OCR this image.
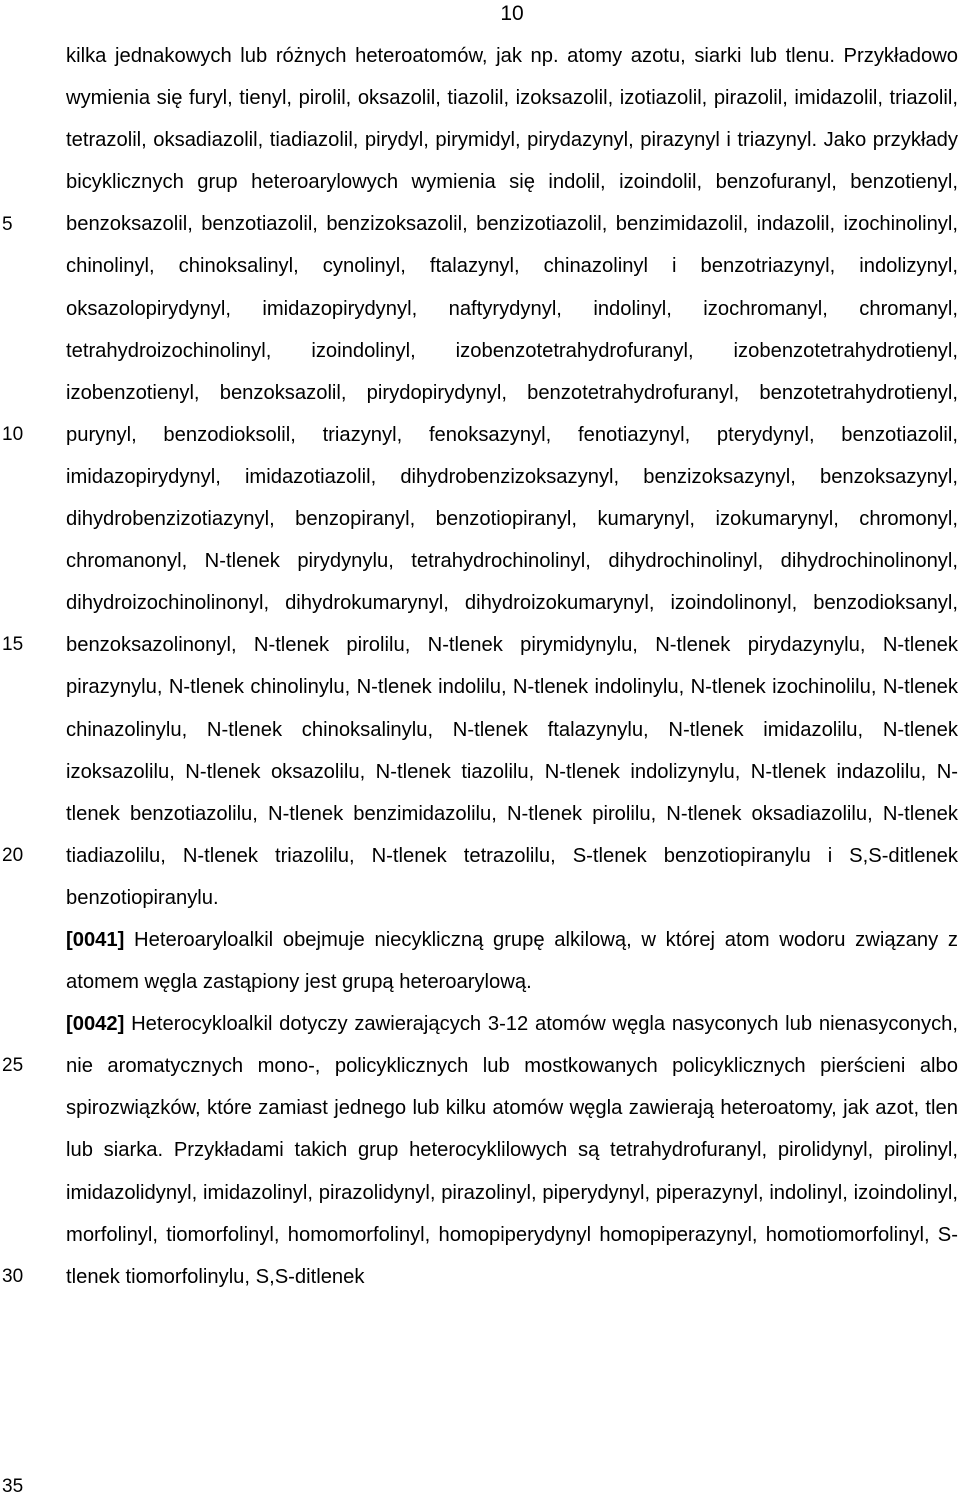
10
5
10
15
20
25
30
35

kilka jednakowych lub różnych heteroatomów, jak np. atomy azotu, siarki lub tlenu. Przykładowo wymienia się furyl, tienyl, pirolil, oksazolil, tiazolil, izoksazolil, izotiazolil, pirazolil, imidazolil, triazolil, tetrazolil, oksadiazolil, tiadiazolil, pirydyl, pirymidyl, pirydazynyl, pirazynyl i triazynyl. Jako przykłady bicyklicznych grup heteroarylowych wymienia się indolil, izoindolil, benzofuranyl, benzotienyl, benzoksazolil, benzotiazolil, benzizoksazolil, benzizotiazolil, benzimidazolil, indazolil, izochinolinyl, chinolinyl, chinoksalinyl, cynolinyl, ftalazynyl, chinazolinyl i benzotriazynyl, indolizynyl, oksazolopirydynyl, imidazopirydynyl, naftyrydynyl, indolinyl, izochromanyl, chromanyl, tetrahydroizochinolinyl, izoindolinyl, izobenzotetrahydrofuranyl, izobenzotetrahydrotienyl, izobenzotienyl, benzoksazolil, pirydopirydynyl, benzotetrahydrofuranyl, benzotetrahydrotienyl, purynyl, benzodioksolil, triazynyl, fenoksazynyl, fenotiazynyl, pterydynyl, benzotiazolil, imidazopirydynyl, imidazotiazolil, dihydrobenzizoksazynyl, benzizoksazynyl, benzoksazynyl, dihydrobenzizotiazynyl, benzopiranyl, benzotiopiranyl, kumarynyl, izokumarynyl, chromonyl, chromanonyl, N-tlenek pirydynylu, tetrahydrochinolinyl, dihydrochinolinyl, dihydrochinolinonyl, dihydroizochinolinonyl, dihydrokumarynyl, dihydroizokumarynyl, izoindolinonyl, benzodioksanyl, benzoksazolinonyl, N-tlenek pirolilu, N-tlenek pirymidynylu, N-tlenek pirydazynylu, N-tlenek pirazynylu, N-tlenek chinolinylu, N-tlenek indolilu, N-tlenek indolinylu, N-tlenek izochinolilu, N-tlenek chinazolinylu, N-tlenek chinoksalinylu, N-tlenek ftalazynylu, N-tlenek imidazolilu, N-tlenek izoksazolilu, N-tlenek oksazolilu, N-tlenek tiazolilu, N-tlenek indolizynylu, N-tlenek indazolilu, N-tlenek benzotiazolilu, N-tlenek benzimidazolilu, N-tlenek pirolilu, N-tlenek oksadiazolilu, N-tlenek tiadiazolilu, N-tlenek triazolilu, N-tlenek tetrazolilu, S-tlenek benzotiopiranylu i S,S-ditlenek benzotiopiranylu.

[0041] Heteroaryloalkil obejmuje niecykliczną grupę alkilową, w której atom wodoru związany z atomem węgla zastąpiony jest grupą heteroarylową.

[0042] Heterocykloalkil dotyczy zawierających 3-12 atomów węgla nasyconych lub nienasyconych, nie aromatycznych mono-, policyklicznych lub mostkowanych policyklicznych pierścieni albo spirozwiązków, które zamiast jednego lub kilku atomów węgla zawierają heteroatomy, jak azot, tlen lub siarka. Przykładami takich grup heterocyklilowych są tetrahydrofuranyl, pirolidynyl, pirolinyl, imidazolidynyl, imidazolinyl, pirazolidynyl, pirazolinyl, piperydynyl, piperazynyl, indolinyl, izoindolinyl, morfolinyl, tiomorfolinyl, homomorfolinyl, homopiperydynyl homopiperazynyl, homotiomorfolinyl, S-tlenek tiomorfolinylu, S,S-ditlenek
